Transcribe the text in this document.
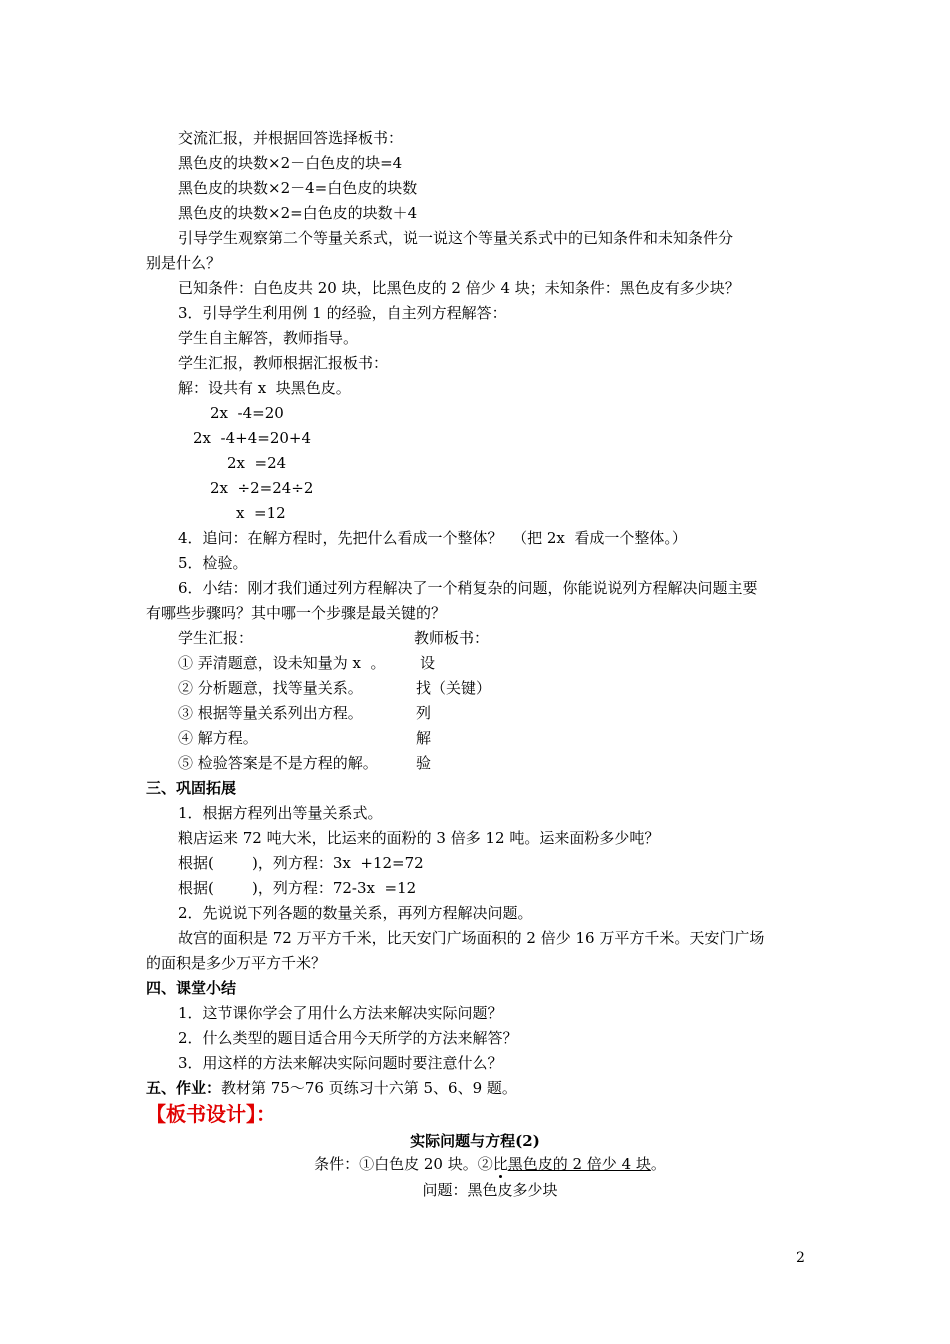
交流汇报，并根据回答选择板书：
黑色皮的块数×2－白色皮的块=4
黑色皮的块数×2－4=白色皮的块数
黑色皮的块数×2=白色皮的块数＋4
引导学生观察第二个等量关系式，说一说这个等量关系式中的已知条件和未知条件分
别是什么？
已知条件：白色皮共 20 块，比黑色皮的 2 倍少 4 块；未知条件：黑色皮有多少块？
3．引导学生利用例 1 的经验，自主列方程解答：
学生自主解答，教师指导。
学生汇报，教师根据汇报板书：
解：设共有 x  块黑色皮。
2x  -4=20
2x  -4+4=20+4
2x  =24
2x  ÷2=24÷2
x  =12
4．追问：在解方程时，先把什么看成一个整体？  （把 2x  看成一个整体。）
5．检验。
6．小结：刚才我们通过列方程解决了一个稍复杂的问题，你能说说列方程解决问题主要
有哪些步骤吗？其中哪一个步骤是最关键的？
学生汇报：	教师板书：
① 弄清题意，设未知量为 x  。 设
② 分析题意，找等量关系。	找（关键）
③ 根据等量关系列出方程。	列
④ 解方程。	解
⑤ 检验答案是不是方程的解。	验
三、巩固拓展
1．根据方程列出等量关系式。
粮店运来 72 吨大米，比运来的面粉的 3 倍多 12 吨。运来面粉多少吨？
根据(        )，列方程：3x  +12=72
根据(        )，列方程：72-3x  =12
2．先说说下列各题的数量关系，再列方程解决问题。
故宫的面积是 72 万平方千米，比天安门广场面积的 2 倍少 16 万平方千米。天安门广场
的面积是多少万平方千米？
四、课堂小结
1．这节课你学会了用什么方法来解决实际问题？
2．什么类型的题目适合用今天所学的方法来解答？
3．用这样的方法来解决实际问题时要注意什么？
五、作业：教材第 75～76 页练习十六第 5、6、9 题。
【板书设计】：
实际问题与方程(2)
条件：①白色皮 20 块。②比黑色皮的 2 倍少 4 块。
问题：黑色皮多少块
2
